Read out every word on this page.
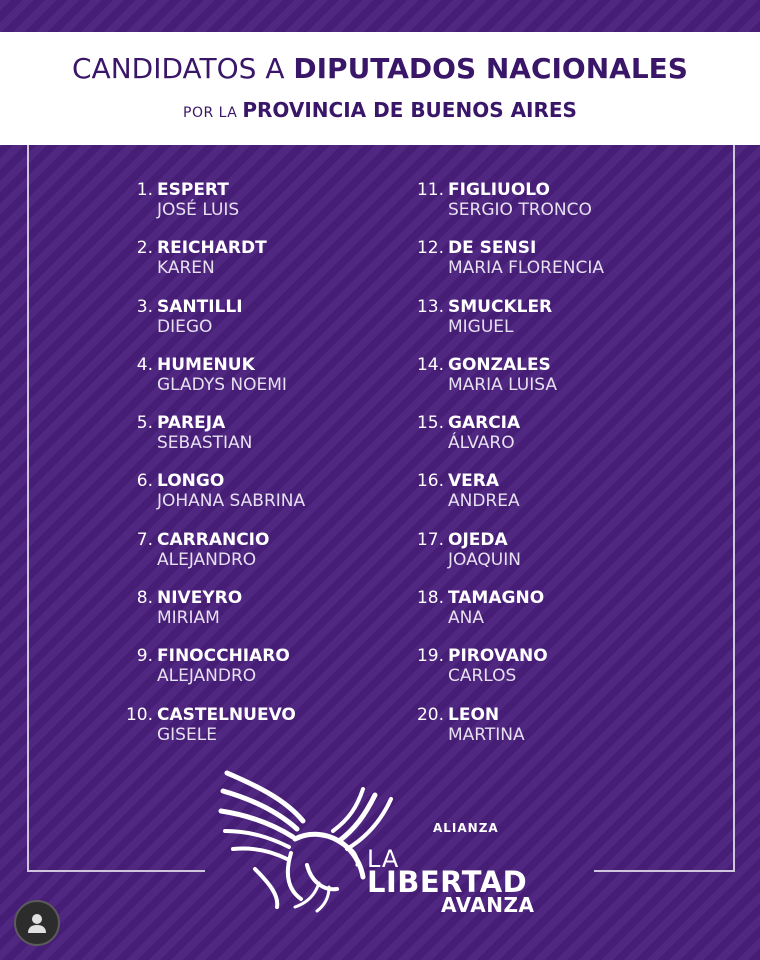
CANDIDATOS A DIPUTADOS NACIONALES
POR LA PROVINCIA DE BUENOS AIRES
1. ESPERT
JOSÉ LUIS
2. REICHARDT
KAREN
3. SANTILLI
DIEGO
4. HUMENUK
GLADYS NOEMI
5. PAREJA
SEBASTIAN
6. LONGO
JOHANA SABRINA
7. CARRANCIO
ALEJANDRO
8. NIVEYRO
MIRIAM
9. FINOCCHIARO
ALEJANDRO
10. CASTELNUEVO
GISELE
11. FIGLIUOLO
SERGIO TRONCO
12. DE SENSI
MARIA FLORENCIA
13. SMUCKLER
MIGUEL
14. GONZALES
MARIA LUISA
15. GARCIA
ÁLVARO
16. VERA
ANDREA
17. OJEDA
JOAQUIN
18. TAMAGNO
ANA
19. PIROVANO
CARLOS
20. LEON
MARTINA
ALIANZA
LA
LIBERTAD
AVANZA
